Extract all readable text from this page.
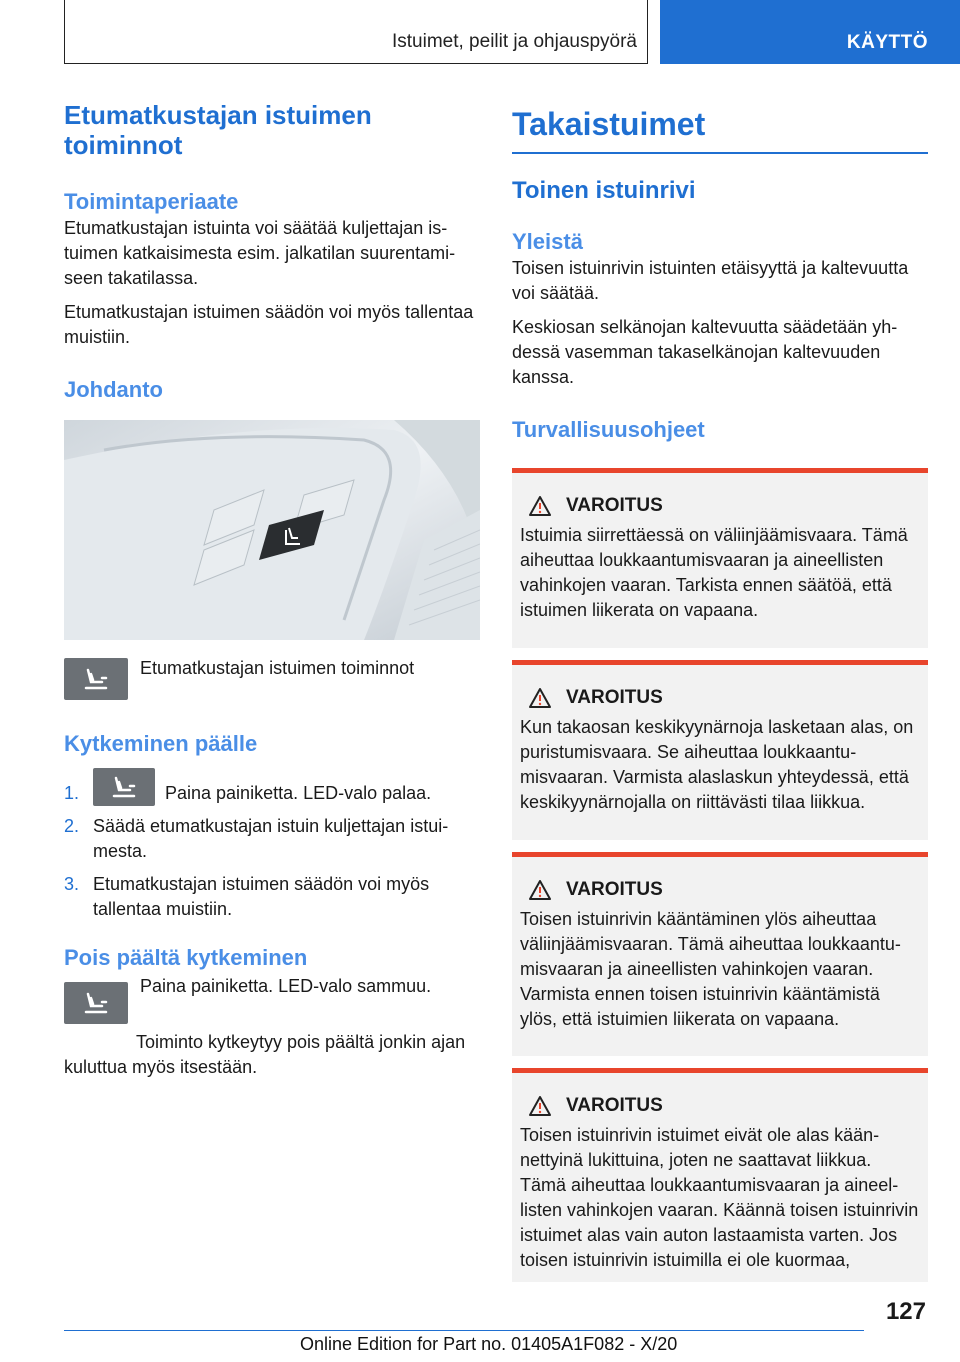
Istuimet, peilit ja ohjauspyörä	KÄYTTÖ
Etumatkustajan istuimen toiminnot
Toimintaperiaate

Etumatkustajan istuinta voi säätää kuljettajan istuimen katkaisimesta esim. jalkatilan suurentamiseen takatilassa.

Etumatkustajan istuimen säädön voi myös tallentaa muistiin.

Johdanto

Etumatkustajan istuimen toiminnot

Kytkeminen päälle
1.	Paina painiketta. LED-valo palaa.
2. Säädä etumatkustajan istuin kuljettajan istuimesta.
3. Etumatkustajan istuimen säädön voi myös tallentaa muistiin.
Pois päältä kytkeminen

Paina painiketta. LED-valo sammuu.

Toiminto kytkeytyy pois päältä jonkin ajan kuluttua myös itsestään.

Takaistuimet
Toinen istuinrivi
Yleistä

Toisen istuinrivin istuinten etäisyyttä ja kaltevuutta voi säätää.

Keskiosan selkänojan kaltevuutta säädetään yhdessä vasemman takaselkänojan kaltevuuden kanssa.

Turvallisuusohjeet
VAROITUS

Istuimia siirrettäessä on väliinjäämisvaara. Tämä aiheuttaa loukkaantumisvaaran ja aineellisten vahinkojen vaaran. Tarkista ennen säätöä, että istuimen liikerata on vapaana.

VAROITUS

Kun takaosan keskikyynärnoja lasketaan alas, on puristumisvaara. Se aiheuttaa loukkaantumisvaaran. Varmista alaslaskun yhteydessä, että keskikyynärnojalla on riittävästi tilaa liikkua.

VAROITUS

Toisen istuinrivin kääntäminen ylös aiheuttaa väliinjäämisvaaran. Tämä aiheuttaa loukkaantumisvaaran ja aineellisten vahinkojen vaaran. Varmista ennen toisen istuinrivin kääntämistä ylös, että istuimien liikerata on vapaana.

VAROITUS

Toisen istuinrivin istuimet eivät ole alas käännettyinä lukittuina, joten ne saattavat liikkua. Tämä aiheuttaa loukkaantumisvaaran ja aineellisten vahinkojen vaaran. Käännä toisen istuinrivin istuimet alas vain auton lastaamista varten. Jos toisen istuinrivin istuimilla ei ole kuormaa,

127
Online Edition for Part no. 01405A1F082 - X/20
